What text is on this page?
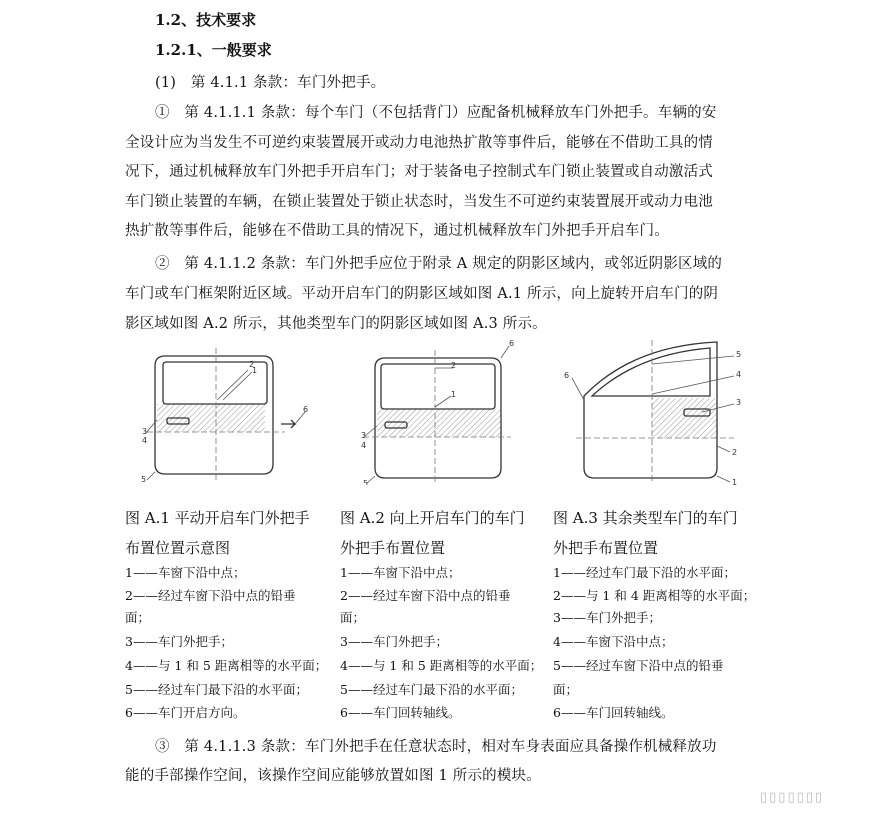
1.2、技术要求
1.2.1、一般要求
(1)　第 4.1.1 条款：车门外把手。
①　第 4.1.1.1 条款：每个车门（不包括背门）应配备机械释放车门外把手。车辆的安
全设计应为当发生不可逆约束装置展开或动力电池热扩散等事件后，能够在不借助工具的情
况下，通过机械释放车门外把手开启车门；对于装备电子控制式车门锁止装置或自动激活式
车门锁止装置的车辆，在锁止装置处于锁止状态时，当发生不可逆约束装置展开或动力电池
热扩散等事件后，能够在不借助工具的情况下，通过机械释放车门外把手开启车门。
②　第 4.1.1.2 条款：车门外把手应位于附录 A 规定的阴影区域内，或邻近阴影区域的
车门或车门框架附近区域。平动开启车门的阴影区域如图 A.1 所示，向上旋转开启车门的阴
影区域如图 A.2 所示，其他类型车门的阴影区域如图 A.3 所示。
2
1
3
4
5
6
6
2
1
3
4
5
5
4
3
2
1
6
图 A.1 平动开启车门外把手
布置位置示意图
1——车窗下沿中点；
2——经过车窗下沿中点的铅垂
面；
3——车门外把手；
4——与 1 和 5 距离相等的水平面；
5——经过车门最下沿的水平面；
6——车门开启方向。
图 A.2 向上开启车门的车门
外把手布置位置
1——车窗下沿中点；
2——经过车窗下沿中点的铅垂
面；
3——车门外把手；
4——与 1 和 5 距离相等的水平面；
5——经过车门最下沿的水平面；
6——车门回转轴线。
图 A.3 其余类型车门的车门
外把手布置位置
1——经过车门最下沿的水平面；
2——与 1 和 4 距离相等的水平面；
3——车门外把手；
4——车窗下沿中点；
5——经过车窗下沿中点的铅垂
面；
6——车门回转轴线。
③　第 4.1.1.3 条款：车门外把手在任意状态时，相对车身表面应具备操作机械释放功
能的手部操作空间，该操作空间应能够放置如图 1 所示的模块。
▯▯▯▯▯▯▯
